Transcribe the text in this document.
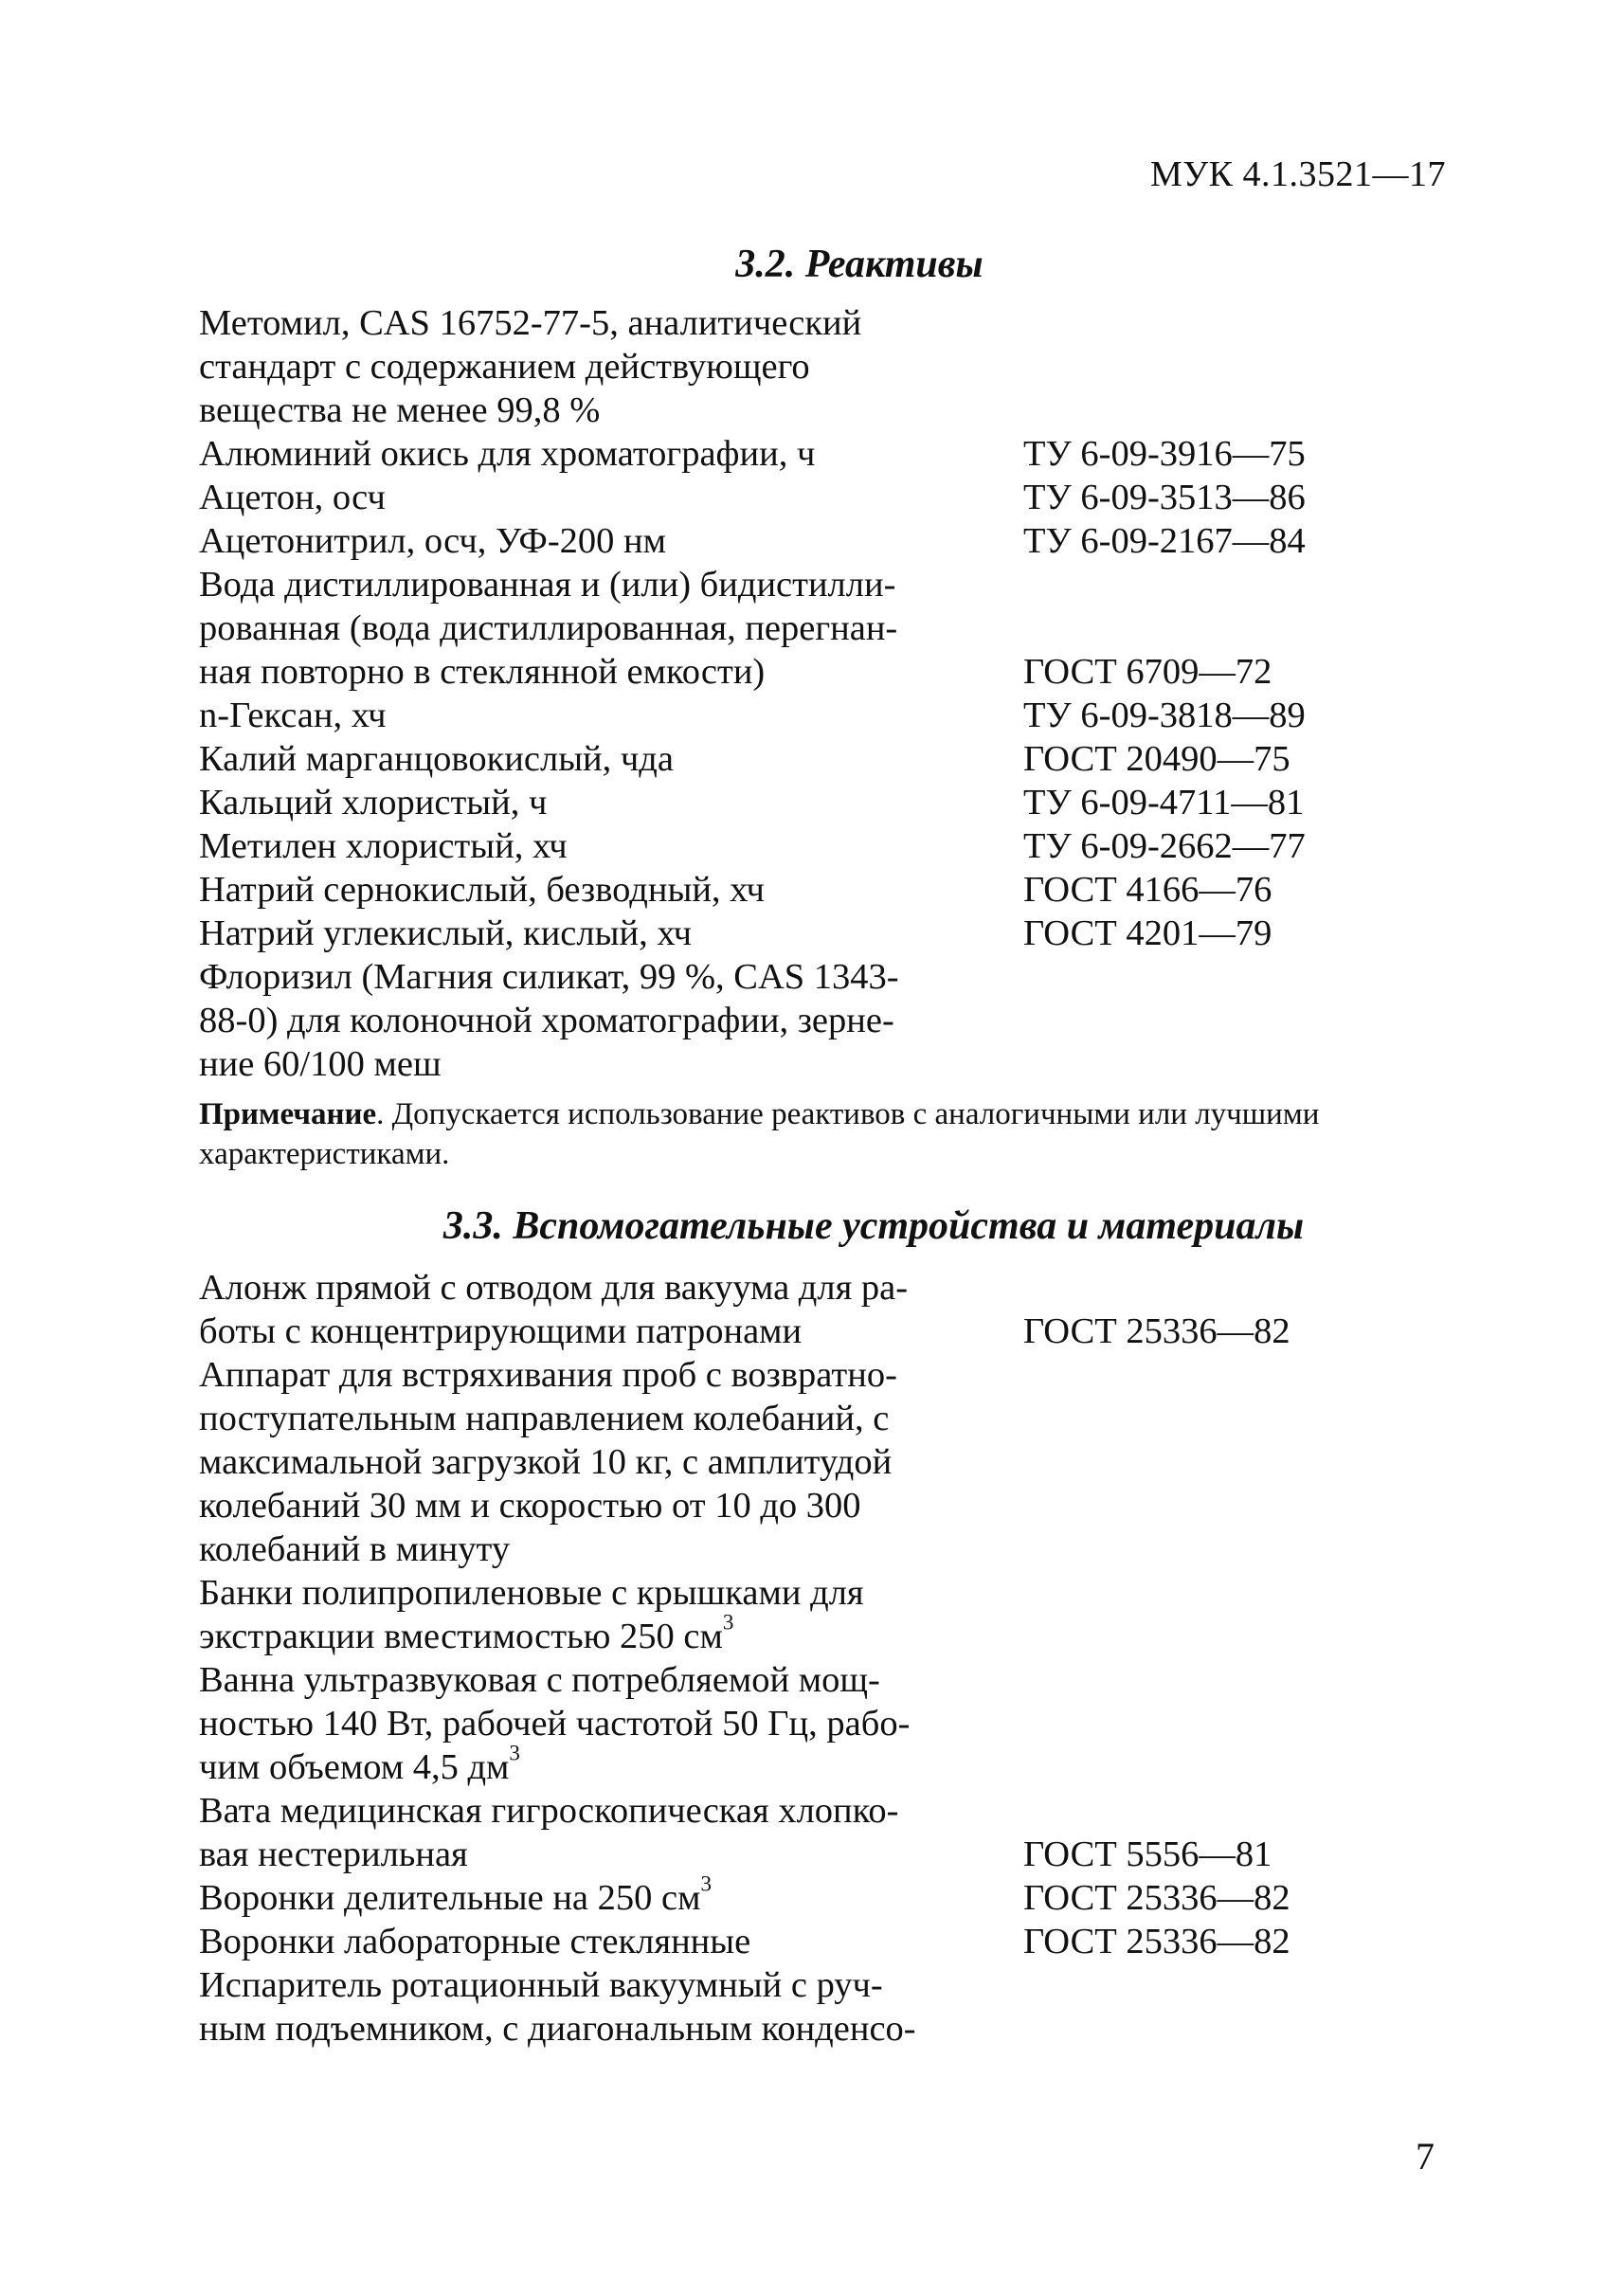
МУК 4.1.3521—17
3.2. Реактивы
Метомил, CAS 16752-77-5, аналитический
стандарт с содержанием действующего
вещества не менее 99,8 %
Алюминий окись для хроматографии, ч	ТУ 6-09-3916—75
Ацетон, осч	ТУ 6-09-3513—86
Ацетонитрил, осч, УФ-200 нм	ТУ 6-09-2167—84
Вода дистиллированная и (или) бидистилли-
рованная (вода дистиллированная, перегнан-
ная повторно в стеклянной емкости)	ГОСТ 6709—72
n-Гексан, хч	ТУ 6-09-3818—89
Калий марганцовокислый, чда	ГОСТ 20490—75
Кальций хлористый, ч	ТУ 6-09-4711—81
Метилен хлористый, хч	ТУ 6-09-2662—77
Натрий сернокислый, безводный, хч	ГОСТ 4166—76
Натрий углекислый, кислый, хч	ГОСТ 4201—79
Флоризил (Магния силикат, 99 %, CAS 1343-
88-0) для колоночной хроматографии, зерне-
ние 60/100 меш
Примечание. Допускается использование реактивов с аналогичными или лучшими характеристиками.
3.3. Вспомогательные устройства и материалы
Алонж прямой с отводом для вакуума для ра-
боты с концентрирующими патронами	ГОСТ 25336—82
Аппарат для встряхивания проб с возвратно-
поступательным направлением колебаний, с
максимальной загрузкой 10 кг, с амплитудой
колебаний 30 мм и скоростью от 10 до 300
колебаний в минуту
Банки полипропиленовые с крышками для
экстракции вместимостью 250 $см^3$
Ванна ультразвуковая с потребляемой мощ-
ностью 140 Вт, рабочей частотой 50 Гц, рабо-
чим объемом 4,5 $дм^3$
Вата медицинская гигроскопическая хлопко-
вая нестерильная	ГОСТ 5556—81
Воронки делительные на 250 $см^3$	ГОСТ 25336—82
Воронки лабораторные стеклянные	ГОСТ 25336—82
Испаритель ротационный вакуумный с руч-
ным подъемником, с диагональным конденсо-
7
